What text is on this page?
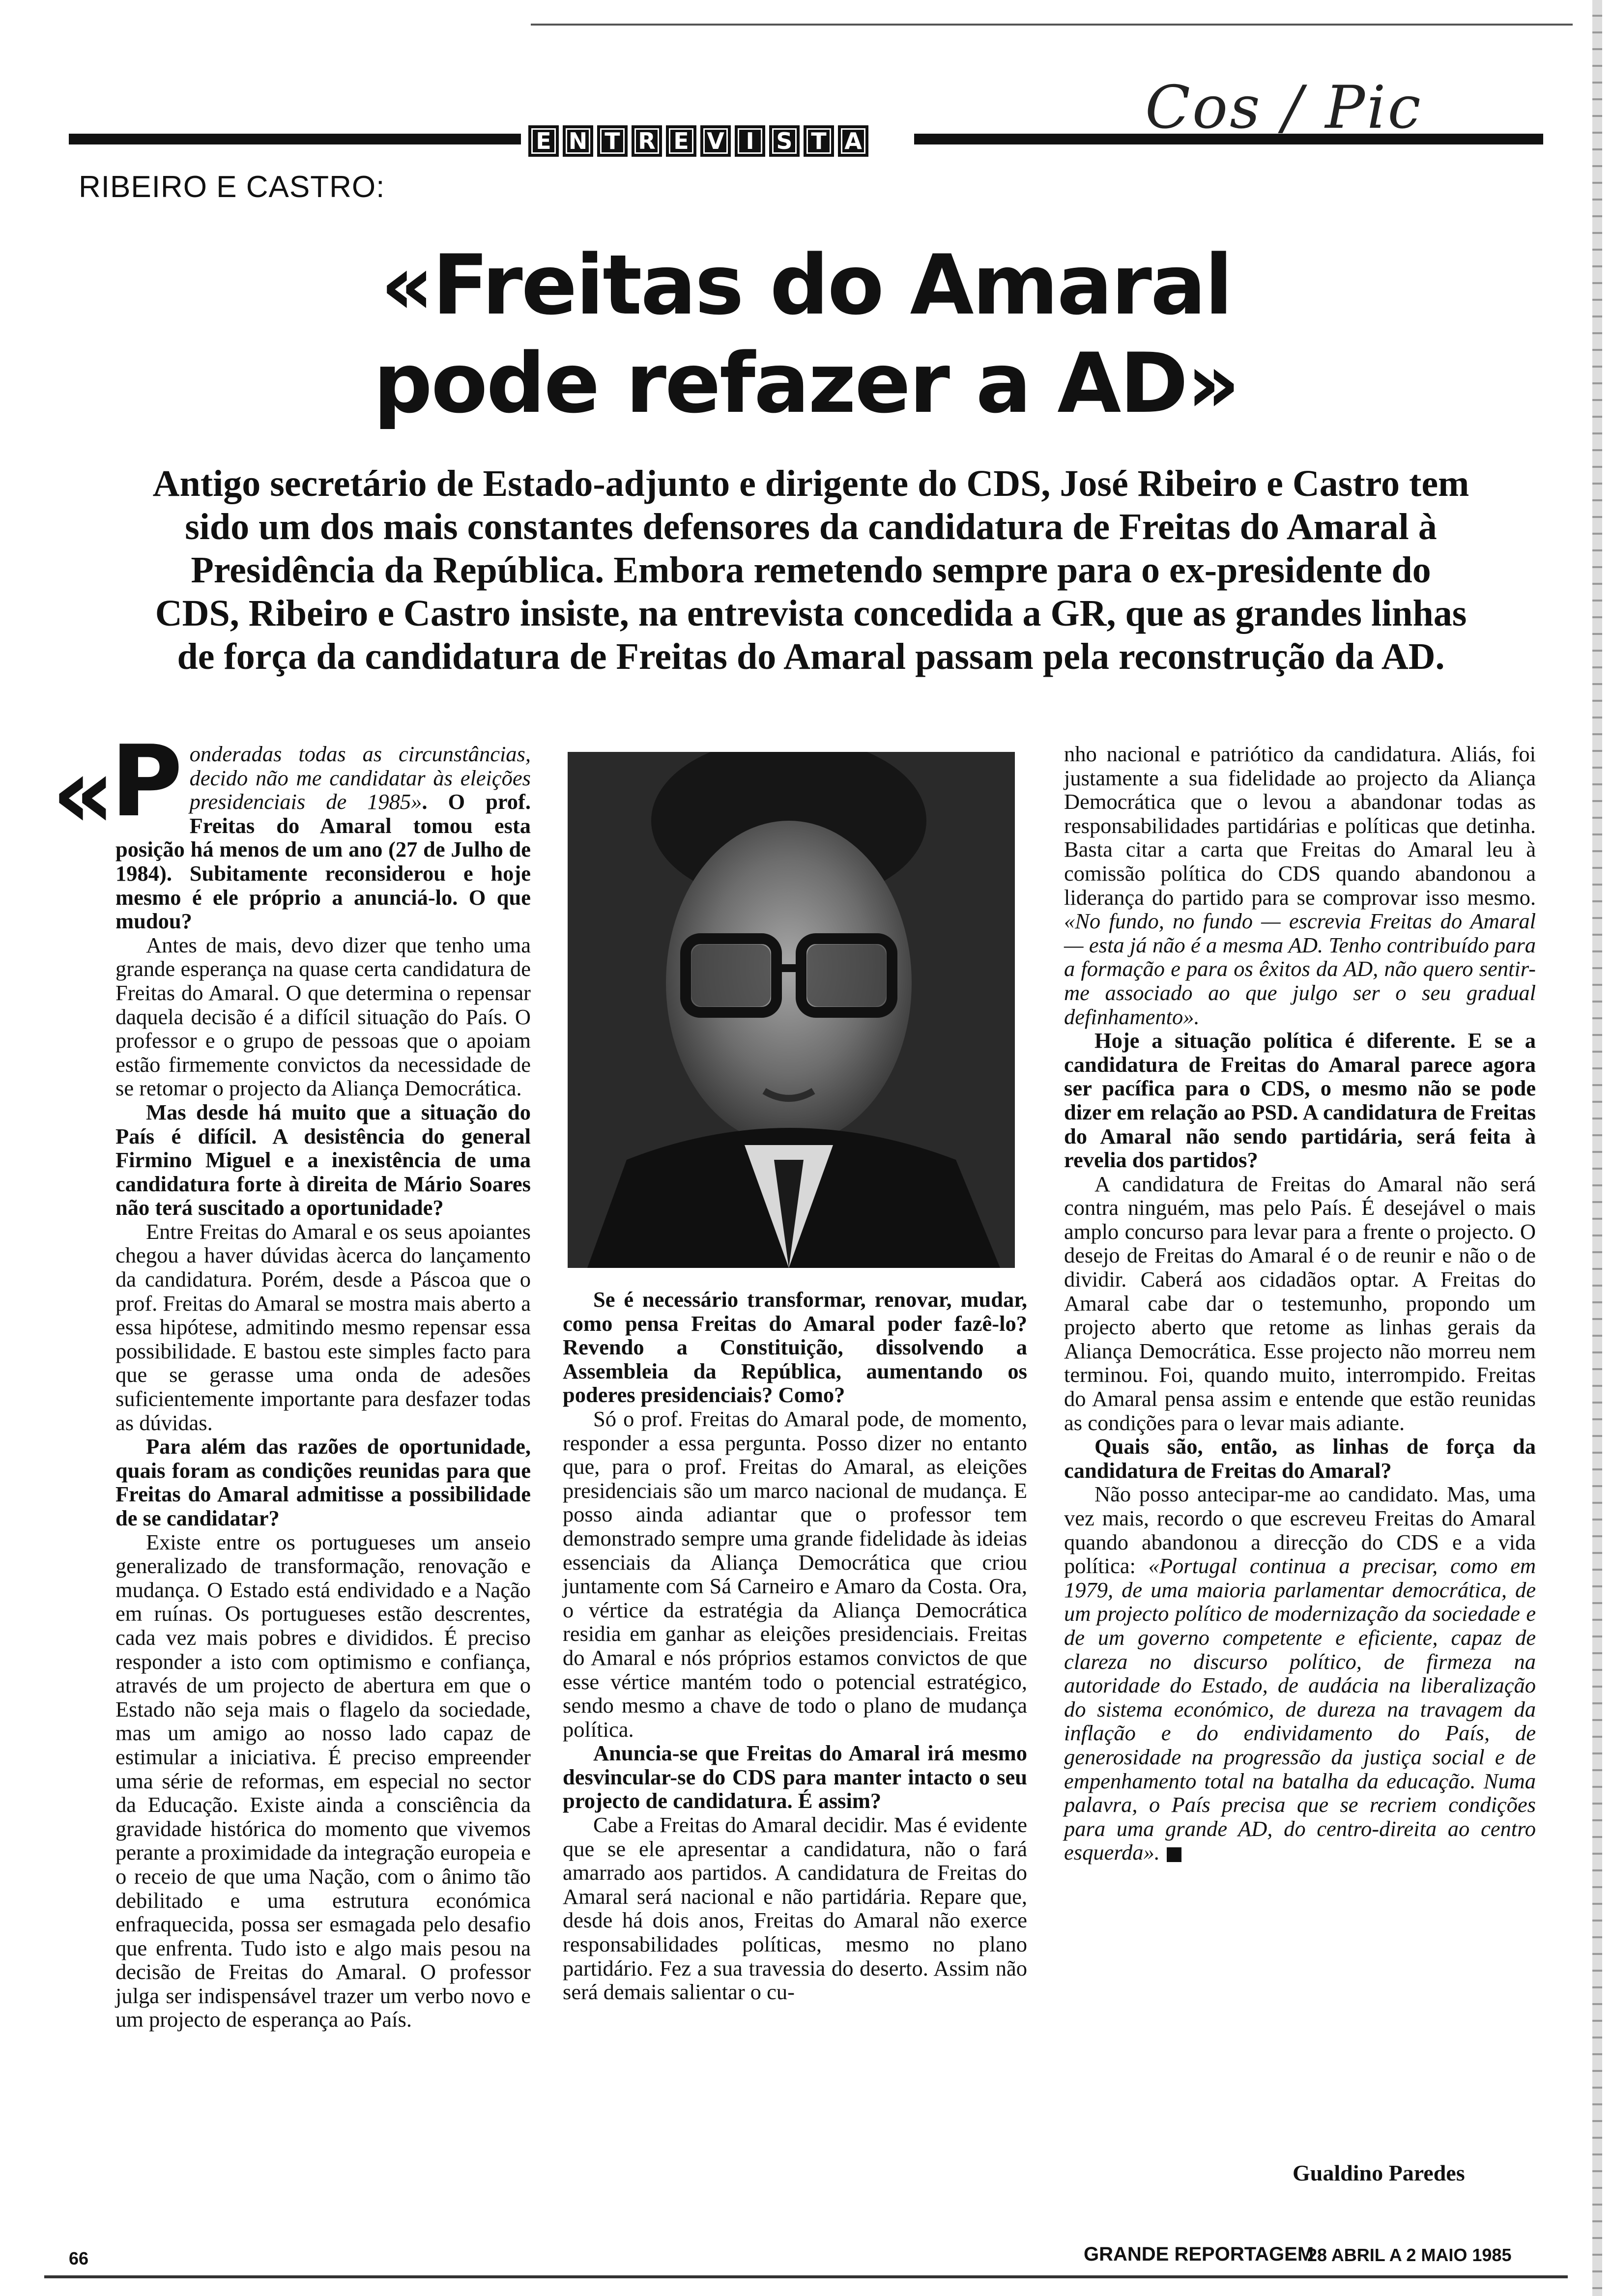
E N T R E V I S T A	Cos / Pic
RIBEIRO E CASTRO:
«Freitas do Amaral
pode refazer a AD»
Antigo secretário de Estado-adjunto e dirigente do CDS, José Ribeiro e Castro tem sido um dos mais constantes defensores da candidatura de Freitas do Amaral à Presidência da República. Embora remetendo sempre para o ex-presidente do CDS, Ribeiro e Castro insiste, na entrevista concedida a GR, que as grandes linhas de força da candidatura de Freitas do Amaral passam pela reconstrução da AD.
«

Ponderadas todas as circunstâncias, decido não me candidatar às eleições presidenciais de 1985». O prof. Freitas do Amaral tomou esta posição há menos de um ano (27 de Julho de 1984). Subitamente reconsiderou e hoje mesmo é ele próprio a anunciá-lo. O que mudou?

Antes de mais, devo dizer que tenho uma grande esperança na quase certa candidatura de Freitas do Amaral. O que determina o repensar daquela decisão é a difícil situação do País. O professor e o grupo de pessoas que o apoiam estão firmemente convictos da necessidade de se retomar o projecto da Aliança Democrática.

Mas desde há muito que a situação do País é difícil. A desistência do general Firmino Miguel e a inexistência de uma candidatura forte à direita de Mário Soares não terá suscitado a oportunidade?

Entre Freitas do Amaral e os seus apoiantes chegou a haver dúvidas àcerca do lançamento da candidatura. Porém, desde a Páscoa que o prof. Freitas do Amaral se mostra mais aberto a essa hipótese, admitindo mesmo repensar essa possibilidade. E bastou este simples facto para que se gerasse uma onda de adesões suficientemente importante para desfazer todas as dúvidas.

Para além das razões de oportunidade, quais foram as condições reunidas para que Freitas do Amaral admitisse a possibilidade de se candidatar?

Existe entre os portugueses um anseio generalizado de transformação, renovação e mudança. O Estado está endividado e a Nação em ruínas. Os portugueses estão descrentes, cada vez mais pobres e divididos. É preciso responder a isto com optimismo e confiança, através de um projecto de abertura em que o Estado não seja mais o flagelo da sociedade, mas um amigo ao nosso lado capaz de estimular a iniciativa. É preciso empreender uma série de reformas, em especial no sector da Educação. Existe ainda a consciência da gravidade histórica do momento que vivemos perante a proximidade da integração europeia e o receio de que uma Nação, com o ânimo tão debilitado e uma estrutura económica enfraquecida, possa ser esmagada pelo desafio que enfrenta. Tudo isto e algo mais pesou na decisão de Freitas do Amaral. O professor julga ser indispensável trazer um verbo novo e um projecto de esperança ao País.

Se é necessário transformar, renovar, mudar, como pensa Freitas do Amaral poder fazê-lo? Revendo a Constituição, dissolvendo a Assembleia da República, aumentando os poderes presidenciais? Como?

Só o prof. Freitas do Amaral pode, de momento, responder a essa pergunta. Posso dizer no entanto que, para o prof. Freitas do Amaral, as eleições presidenciais são um marco nacional de mudança. E posso ainda adiantar que o professor tem demonstrado sempre uma grande fidelidade às ideias essenciais da Aliança Democrática que criou juntamente com Sá Carneiro e Amaro da Costa. Ora, o vértice da estratégia da Aliança Democrática residia em ganhar as eleições presidenciais. Freitas do Amaral e nós próprios estamos convictos de que esse vértice mantém todo o potencial estratégico, sendo mesmo a chave de todo o plano de mudança política.

Anuncia-se que Freitas do Amaral irá mesmo desvincular-se do CDS para manter intacto o seu projecto de candidatura. É assim?

Cabe a Freitas do Amaral decidir. Mas é evidente que se ele apresentar a candidatura, não o fará amarrado aos partidos. A candidatura de Freitas do Amaral será nacional e não partidária. Repare que, desde há dois anos, Freitas do Amaral não exerce responsabilidades políticas, mesmo no plano partidário. Fez a sua travessia do deserto. Assim não será demais salientar o cu-

nho nacional e patriótico da candidatura. Aliás, foi justamente a sua fidelidade ao projecto da Aliança Democrática que o levou a abandonar todas as responsabilidades partidárias e políticas que detinha. Basta citar a carta que Freitas do Amaral leu à comissão política do CDS quando abandonou a liderança do partido para se comprovar isso mesmo. «No fundo, no fundo — escrevia Freitas do Amaral — esta já não é a mesma AD. Tenho contribuído para a formação e para os êxitos da AD, não quero sentir-me associado ao que julgo ser o seu gradual definhamento».

Hoje a situação política é diferente. E se a candidatura de Freitas do Amaral parece agora ser pacífica para o CDS, o mesmo não se pode dizer em relação ao PSD. A candidatura de Freitas do Amaral não sendo partidária, será feita à revelia dos partidos?

A candidatura de Freitas do Amaral não será contra ninguém, mas pelo País. É desejável o mais amplo concurso para levar para a frente o projecto. O desejo de Freitas do Amaral é o de reunir e não o de dividir. Caberá aos cidadãos optar. A Freitas do Amaral cabe dar o testemunho, propondo um projecto aberto que retome as linhas gerais da Aliança Democrática. Esse projecto não morreu nem terminou. Foi, quando muito, interrompido. Freitas do Amaral pensa assim e entende que estão reunidas as condições para o levar mais adiante.

Quais são, então, as linhas de força da candidatura de Freitas do Amaral?

Não posso antecipar-me ao candidato. Mas, uma vez mais, recordo o que escreveu Freitas do Amaral quando abandonou a direcção do CDS e a vida política: «Portugal continua a precisar, como em 1979, de uma maioria parlamentar democrática, de um projecto político de modernização da sociedade e de um governo competente e eficiente, capaz de clareza no discurso político, de firmeza na autoridade do Estado, de audácia na liberalização do sistema económico, de dureza na travagem da inflação e do endividamento do País, de generosidade na progressão da justiça social e de empenhamento total na batalha da educação. Numa palavra, o País precisa que se recriem condições para uma grande AD, do centro-direita ao centro esquerda».

Gualdino Paredes
66	GRANDE REPORTAGEM
28 ABRIL A 2 MAIO 1985
